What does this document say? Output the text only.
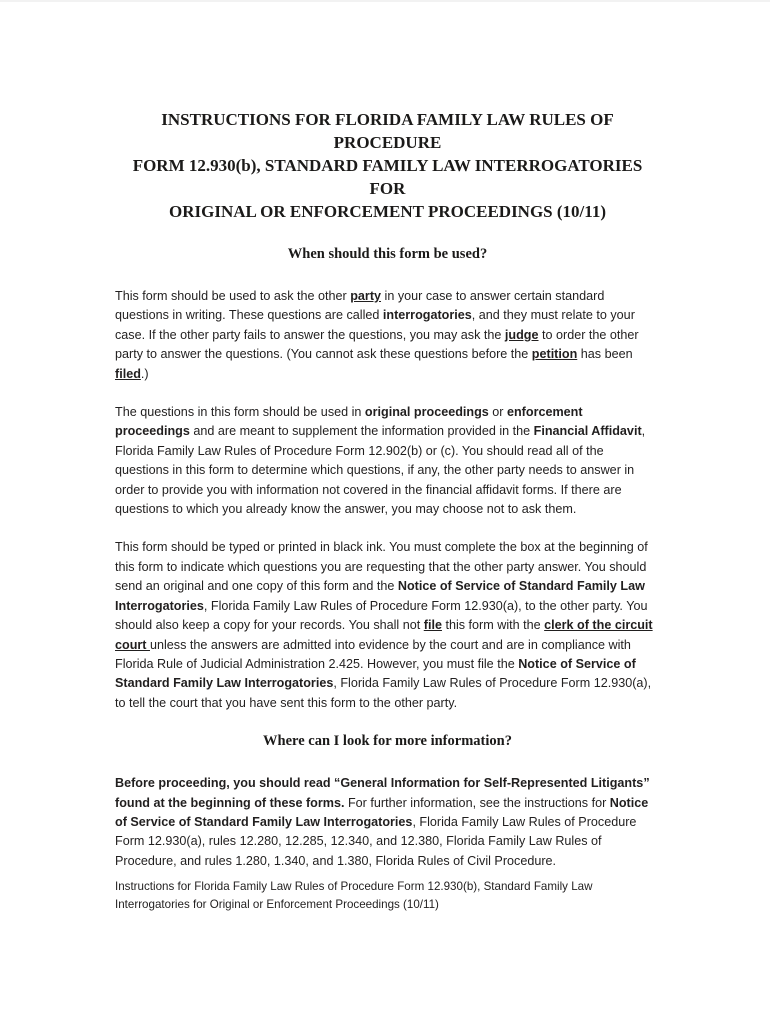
INSTRUCTIONS FOR FLORIDA FAMILY LAW RULES OF PROCEDURE
FORM 12.930(b), STANDARD FAMILY LAW INTERROGATORIES FOR
ORIGINAL OR ENFORCEMENT PROCEEDINGS (10/11)
When should this form be used?

This form should be used to ask the other party in your case to answer certain standard questions in writing. These questions are called interrogatories, and they must relate to your case. If the other party fails to answer the questions, you may ask the judge to order the other party to answer the questions. (You cannot ask these questions before the petition has been filed.)

The questions in this form should be used in original proceedings or enforcement proceedings and are meant to supplement the information provided in the Financial Affidavit, Florida Family Law Rules of Procedure Form 12.902(b) or (c). You should read all of the questions in this form to determine which questions, if any, the other party needs to answer in order to provide you with information not covered in the financial affidavit forms. If there are questions to which you already know the answer, you may choose not to ask them.

This form should be typed or printed in black ink. You must complete the box at the beginning of this form to indicate which questions you are requesting that the other party answer. You should send an original and one copy of this form and the Notice of Service of Standard Family Law Interrogatories, Florida Family Law Rules of Procedure Form 12.930(a), to the other party. You should also keep a copy for your records. You shall not file this form with the clerk of the circuit court unless the answers are admitted into evidence by the court and are in compliance with Florida Rule of Judicial Administration 2.425. However, you must file the Notice of Service of Standard Family Law Interrogatories, Florida Family Law Rules of Procedure Form 12.930(a), to tell the court that you have sent this form to the other party.

Where can I look for more information?

Before proceeding, you should read “General Information for Self-Represented Litigants” found at the beginning of these forms. For further information, see the instructions for Notice of Service of Standard Family Law Interrogatories, Florida Family Law Rules of Procedure Form 12.930(a), rules 12.280, 12.285, 12.340, and 12.380, Florida Family Law Rules of Procedure, and rules 1.280, 1.340, and 1.380, Florida Rules of Civil Procedure.

Instructions for Florida Family Law Rules of Procedure Form 12.930(b), Standard Family Law Interrogatories for Original or Enforcement Proceedings (10/11)
